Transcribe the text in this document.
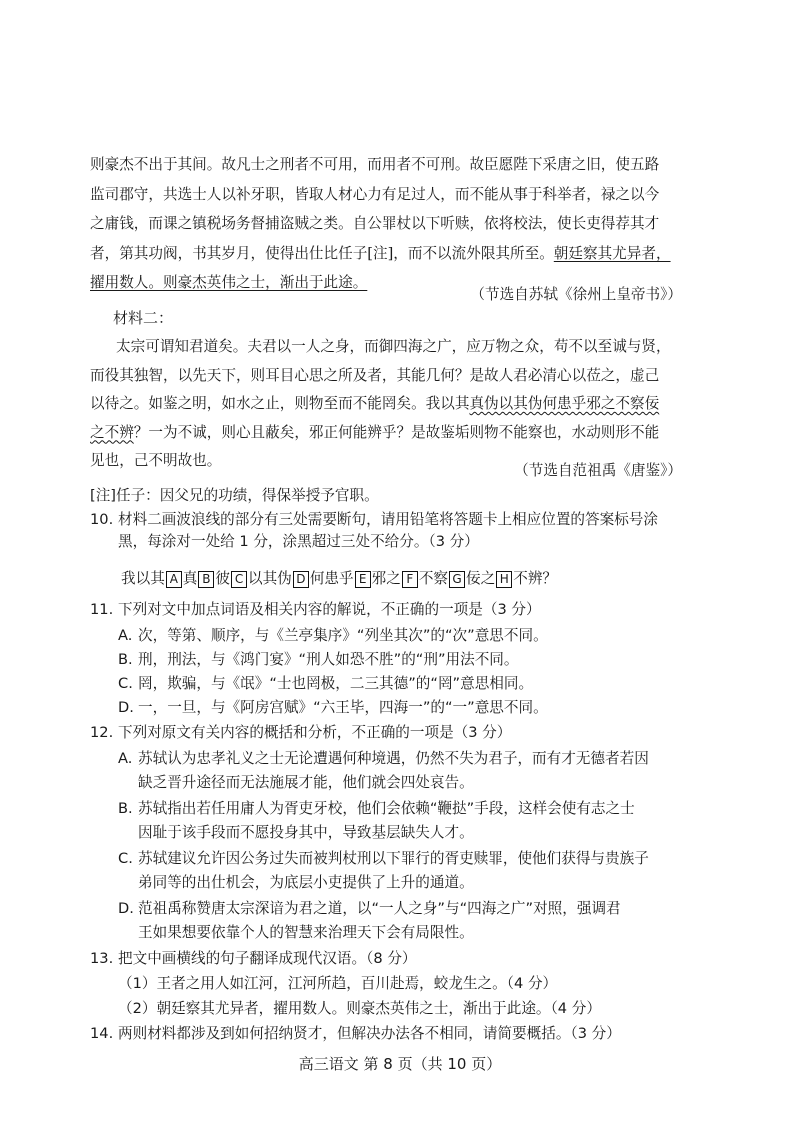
则豪杰不出于其间。故凡士之刑者不可用，而用者不可刑。故臣愿陛下采唐之旧，使五路
监司郡守，共选士人以补牙职，皆取人材心力有足过人，而不能从事于科举者，禄之以今
之庸钱，而课之镇税场务督捕盗贼之类。自公罪杖以下听赎，依将校法，使长吏得荐其才
者，第其功阀，书其岁月，使得出仕比任子[注]，而不以流外限其所至。朝廷察其尤异者，
擢用数人。则豪杰英伟之士，渐出于此途。
（节选自苏轼《徐州上皇帝书》）
材料二：
太宗可谓知君道矣。夫君以一人之身，而御四海之广，应万物之众，苟不以至诚与贤，
而役其独智，以先天下，则耳目心思之所及者，其能几何？是故人君必清心以莅之，虚己
以待之。如鉴之明，如水之止，则物至而不能罔矣。我以其真伪以其伪何患乎邪之不察佞
之不辨？一为不诚，则心且蔽矣，邪正何能辨乎？是故鉴垢则物不能察也，水动则形不能
见也，己不明故也。
（节选自范祖禹《唐鉴》）
[注]任子：因父兄的功绩，得保举授予官职。
10. 材料二画波浪线的部分有三处需要断句，请用铅笔将答题卡上相应位置的答案标号涂
黑，每涂对一处给 1 分，涂黑超过三处不给分。（3 分）
我以其 A 真 B 彼 C 以其伪 D 何患乎 E 邪之 F 不察 G 佞之 H 不辨？
11. 下列对文中加点词语及相关内容的解说，不正确的一项是（3 分）
A. 次，等第、顺序，与《兰亭集序》“列坐其次”的“次”意思不同。
B. 刑，刑法，与《鸿门宴》“刑人如恐不胜”的“刑”用法不同。
C. 罔，欺骗，与《氓》“士也罔极，二三其德”的“罔”意思相同。
D. 一，一旦，与《阿房宫赋》“六王毕，四海一”的“一”意思不同。
12. 下列对原文有关内容的概括和分析，不正确的一项是（3 分）
A. 苏轼认为忠孝礼义之士无论遭遇何种境遇，仍然不失为君子，而有才无德者若因
缺乏晋升途径而无法施展才能，他们就会四处哀告。
B. 苏轼指出若任用庸人为胥吏牙校，他们会依赖“鞭挞”手段，这样会使有志之士
因耻于该手段而不愿投身其中，导致基层缺失人才。
C. 苏轼建议允许因公务过失而被判杖刑以下罪行的胥吏赎罪，使他们获得与贵族子
弟同等的出仕机会，为底层小吏提供了上升的通道。
D. 范祖禹称赞唐太宗深谙为君之道，以“一人之身”与“四海之广”对照，强调君
王如果想要依靠个人的智慧来治理天下会有局限性。
13. 把文中画横线的句子翻译成现代汉语。（8 分）
（1）王者之用人如江河，江河所趋，百川赴焉，蛟龙生之。（4 分）
（2）朝廷察其尤异者，擢用数人。则豪杰英伟之士，渐出于此途。（4 分）
14. 两则材料都涉及到如何招纳贤才，但解决办法各不相同，请简要概括。（3 分）
高三语文 第 8 页（共 10 页）
